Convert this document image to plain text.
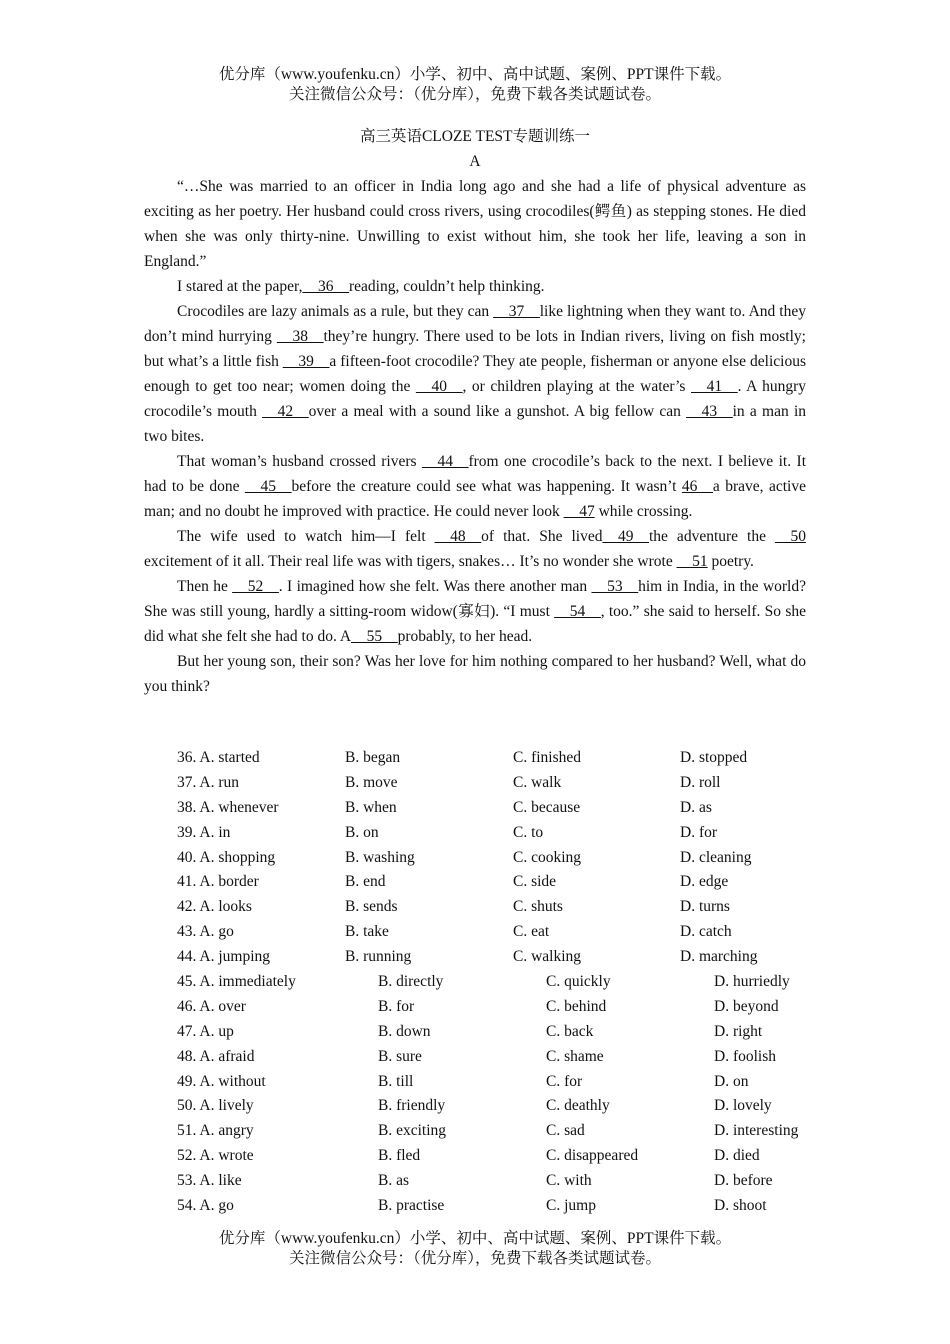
优分库（www.youfenku.cn）小学、初中、高中试题、案例、PPT课件下载。
关注微信公众号：（优分库），免费下载各类试题试卷。
高三英语CLOZE TEST专题训练一
A

“…She was married to an officer in India long ago and she had a life of physical adventure as exciting as her poetry. Her husband could cross rivers, using crocodiles(鳄鱼) as stepping stones. He died when she was only thirty-nine. Unwilling to exist without him, she took her life, leaving a son in England.”

I stared at the paper,__36__reading, couldn’t help thinking.

Crocodiles are lazy animals as a rule, but they can __37__like lightning when they want to. And they don’t mind hurrying __38__they’re hungry. There used to be lots in Indian rivers, living on fish mostly; but what’s a little fish __39__a fifteen-foot crocodile? They ate people, fisherman or anyone else delicious enough to get too near; women doing the __40__, or children playing at the water’s __41__. A hungry crocodile’s mouth __42__over a meal with a sound like a gunshot. A big fellow can __43__in a man in two bites.

That woman’s husband crossed rivers __44__from one crocodile’s back to the next. I believe it. It had to be done __45__before the creature could see what was happening. It wasn’t 46__a brave, active man; and no doubt he improved with practice. He could never look __47 while crossing.

The wife used to watch him—I felt __48__of that. She lived__49__the adventure the __50 excitement of it all. Their real life was with tigers, snakes… It’s no wonder she wrote __51 poetry.

Then he __52__. I imagined how she felt. Was there another man __53__him in India, in the world? She was still young, hardly a sitting-room widow(寡妇). “I must __54__, too.” she said to herself. So she did what she felt she had to do. A__55__probably, to her head.

But her young son, their son? Was her love for him nothing compared to her husband? Well, what do you think?

36. A. started	B. began	C. finished	D. stopped
37. A. run	B. move	C. walk	D. roll
38. A. whenever	B. when	C. because	D. as
39. A. in	B. on	C. to	D. for
40. A. shopping	B. washing	C. cooking	D. cleaning
41. A. border	B. end	C. side	D. edge
42. A. looks	B. sends	C. shuts	D. turns
43. A. go	B. take	C. eat	D. catch
44. A. jumping	B. running	C. walking	D. marching
45. A. immediately	B. directly	C. quickly	D. hurriedly
46. A. over	B. for	C. behind	D. beyond
47. A. up	B. down	C. back	D. right
48. A. afraid	B. sure	C. shame	D. foolish
49. A. without	B. till	C. for	D. on
50. A. lively	B. friendly	C. deathly	D. lovely
51. A. angry	B. exciting	C. sad	D. interesting
52. A. wrote	B. fled	C. disappeared	D. died
53. A. like	B. as	C. with	D. before
54. A. go	B. practise	C. jump	D. shoot
优分库（www.youfenku.cn）小学、初中、高中试题、案例、PPT课件下载。
关注微信公众号：（优分库），免费下载各类试题试卷。
